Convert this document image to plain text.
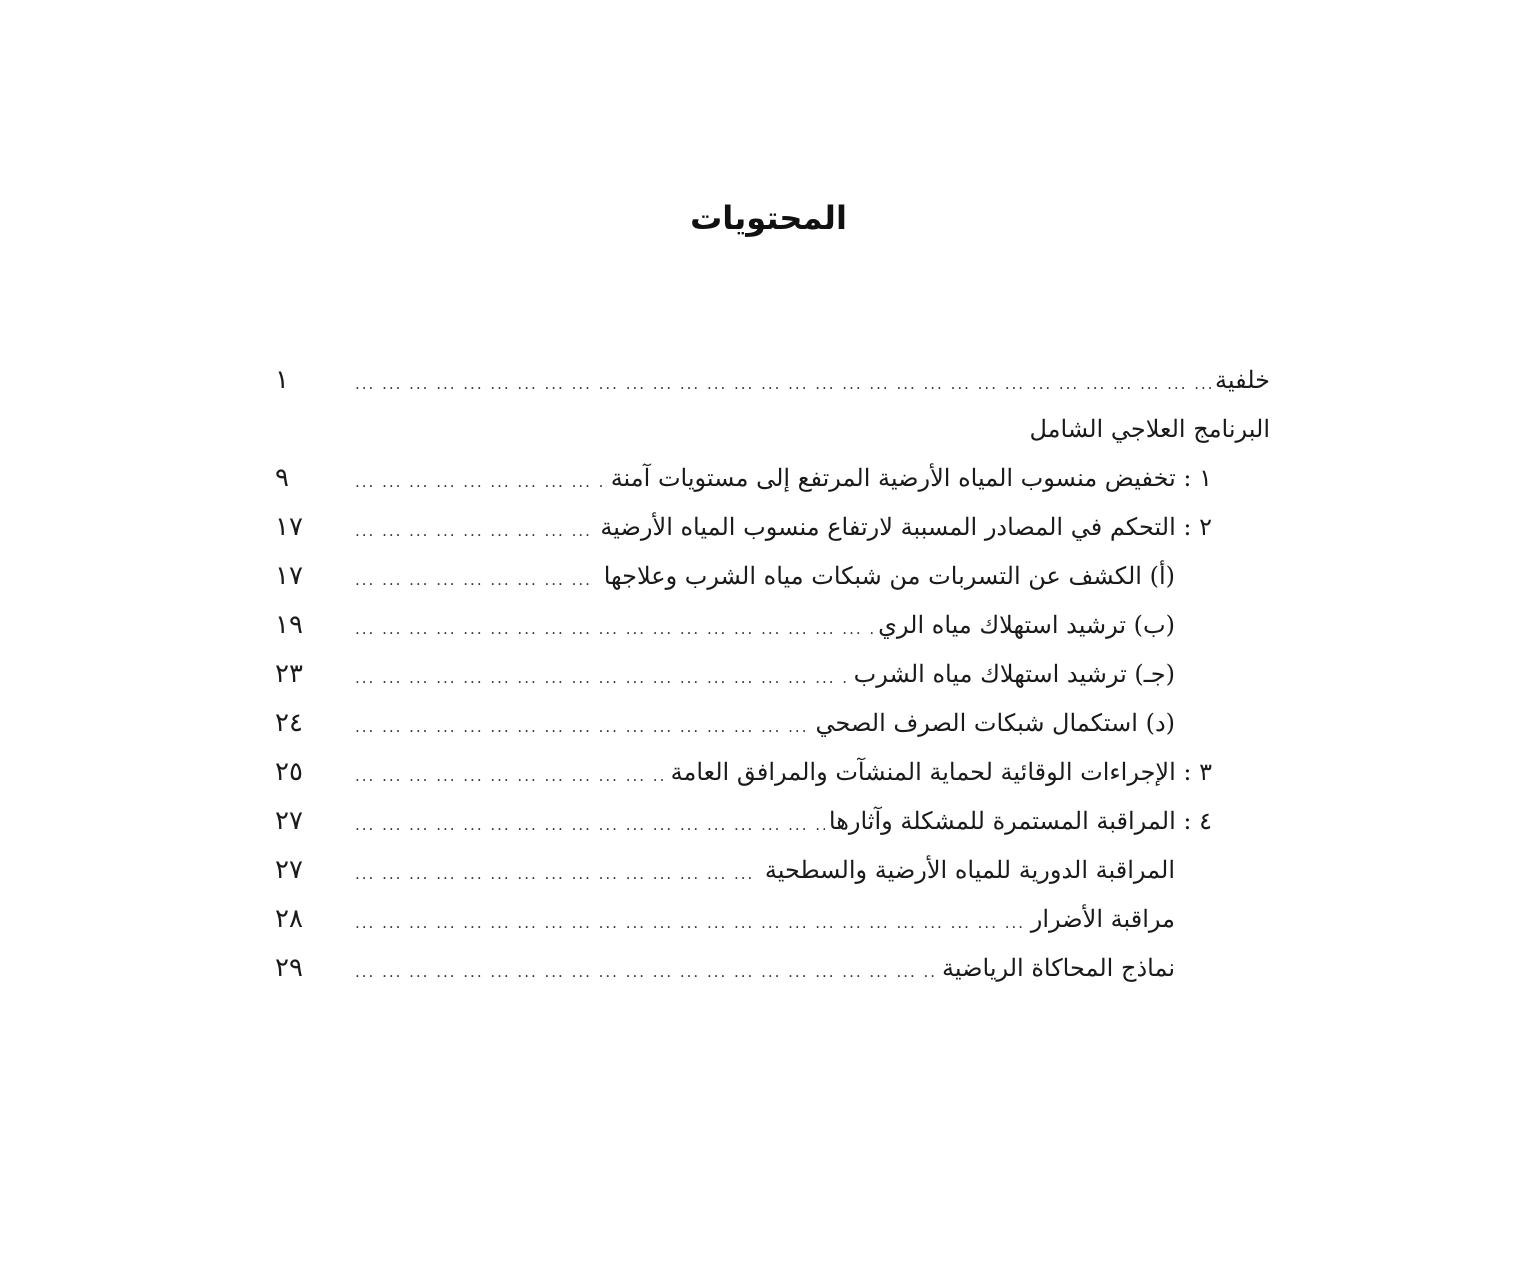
المحتويات
خلفية
... .
١
البرنامج العلاجي الشامل
١ : تخفيض منسوب المياه الأرضية المرتفع إلى مستويات آمنة
... .
٩
٢ : التحكم في المصادر المسببة لارتفاع منسوب المياه الأرضية
... .
١٧
(أ) الكشف عن التسربات من شبكات مياه الشرب وعلاجها
... .
١٧
(ب) ترشيد استهلاك مياه الري
... .
١٩
(جـ) ترشيد استهلاك مياه الشرب
... .
٢٣
(د) استكمال شبكات الصرف الصحي
... .
٢٤
٣ : الإجراءات الوقائية لحماية المنشآت والمرافق العامة
... .
٢٥
٤ : المراقبة المستمرة للمشكلة وآثارها
... .
٢٧
المراقبة الدورية للمياه الأرضية والسطحية
... .
٢٧
مراقبة الأضرار
... .
٢٨
نماذج المحاكاة الرياضية
... .
٢٩
